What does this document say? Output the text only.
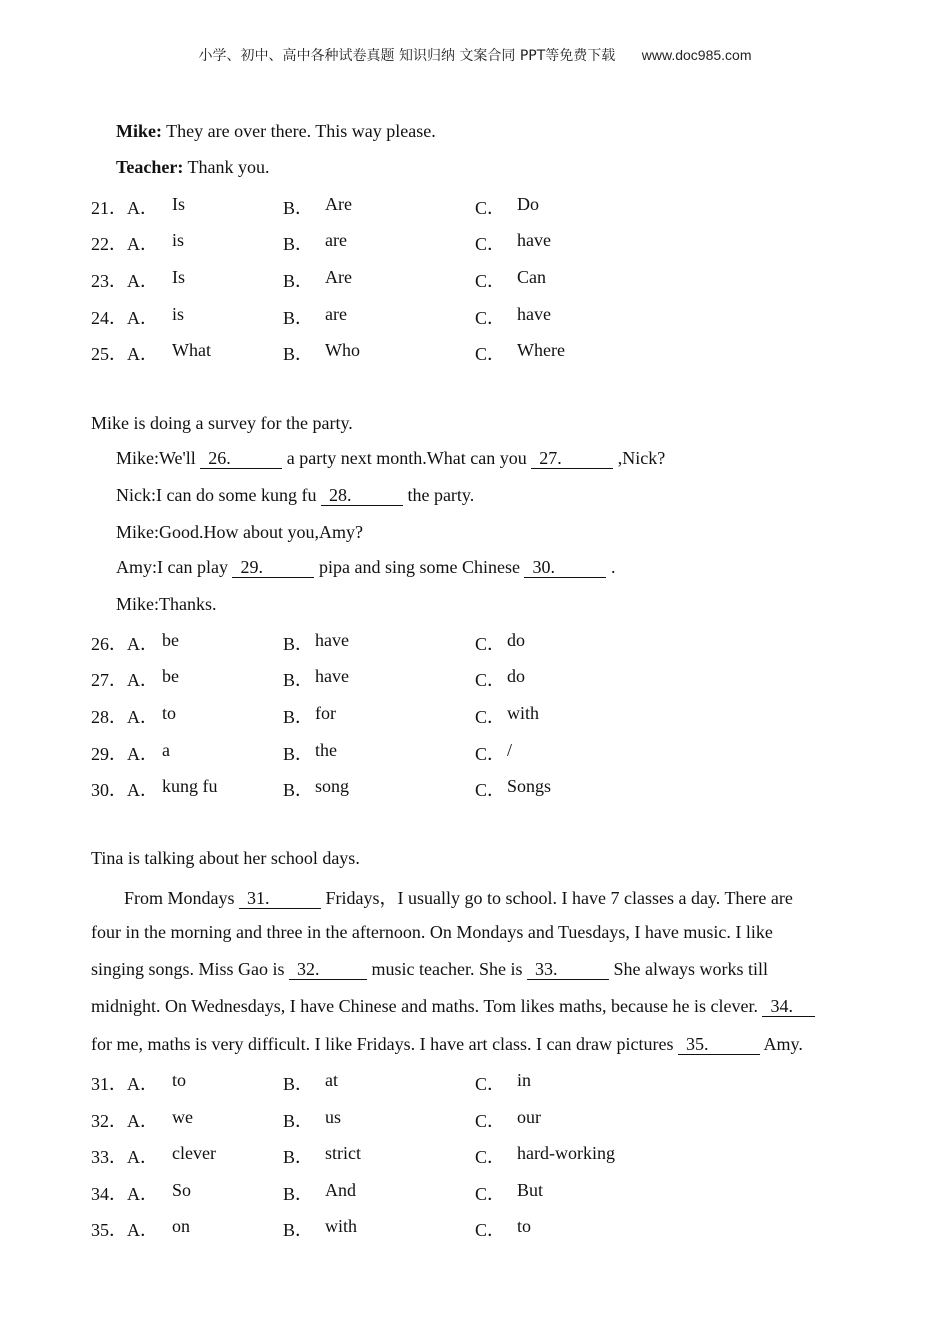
小学、初中、高中各种试卷真题 知识归纳 文案合同 PPT等免费下载 www.doc985.com
Mike: They are over there. This way please.
Teacher: Thank you.
21．A． Is	B． Are	C． Do
22．A． is	B． are	C． have
23．A． Is	B． Are	C． Can
24．A． is	B． are	C． have
25．A． What	B． Who	C． Where
Mike is doing a survey for the party.
Mike:We'll 26.	a party next month.What can you 27.	,Nick?
Nick:I can do some kung fu 28.	the party.
Mike:Good.How about you,Amy?
Amy:I can play 29.	pipa and sing some Chinese 30.	.
Mike:Thanks.
26．A． be	B． have	C． do
27．A． be	B． have	C． do
28．A． to	B． for	C． with
29．A． a	B． the	C． /
30．A． kung fu	B． song	C． Songs
Tina is talking about her school days.
From Mondays 31.	Fridays，I usually go to school. I have 7 classes a day. There are
four in the morning and three in the afternoon. On Mondays and Tuesdays, I have music. I like
singing songs. Miss Gao is 32.	music teacher. She is 33.	She always works till
midnight. On Wednesdays, I have Chinese and maths. Tom likes maths, because he is clever. 34.
for me, maths is very difficult. I like Fridays. I have art class. I can draw pictures 35.	Amy.
31．A． to	B． at	C． in
32．A． we	B． us	C． our
33．A． clever	B． strict	C． hard-working
34．A． So	B． And	C． But
35．A． on	B． with	C． to
